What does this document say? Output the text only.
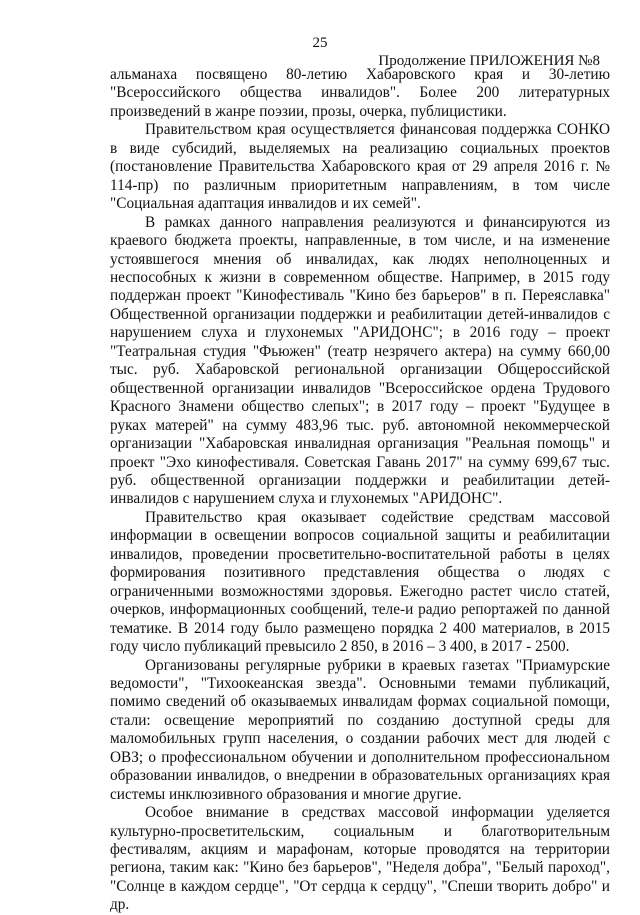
25
Продолжение ПРИЛОЖЕНИЯ №8

альманаха посвящено 80-летию Хабаровского края и 30-летию "Всероссийского общества инвалидов". Более 200 литературных произведений в жанре поэзии, прозы, очерка, публицистики.

Правительством края осуществляется финансовая поддержка СОНКО в виде субсидий, выделяемых на реализацию социальных проектов (постановление Правительства Хабаровского края от 29 апреля 2016 г. № 114-пр) по различным приоритетным направлениям, в том числе "Социальная адаптация инвалидов и их семей".

В рамках данного направления реализуются и финансируются из краевого бюджета проекты, направленные, в том числе, и на изменение устоявшегося мнения об инвалидах, как людях неполноценных и неспособных к жизни в современном обществе. Например, в 2015 году поддержан проект "Кинофестиваль "Кино без барьеров" в п. Переяславка" Общественной организации поддержки и реабилитации детей-инвалидов с нарушением слуха и глухонемых "АРИДОНС"; в 2016 году – проект "Театральная студия "Фьюжен" (театр незрячего актера) на сумму 660,00 тыс. руб. Хабаровской региональной организации Общероссийской общественной организации инвалидов "Всероссийское ордена Трудового Красного Знамени общество слепых"; в 2017 году – проект "Будущее в руках матерей" на сумму 483,96 тыс. руб. автономной некоммерческой организации "Хабаровская инвалидная организация "Реальная помощь" и проект "Эхо кинофестиваля. Советская Гавань 2017" на сумму 699,67 тыс. руб. общественной организации поддержки и реабилитации детей-инвалидов с нарушением слуха и глухонемых "АРИДОНС".

Правительство края оказывает содействие средствам массовой информации в освещении вопросов социальной защиты и реабилитации инвалидов, проведении просветительно-воспитательной работы в целях формирования позитивного представления общества о людях с ограниченными возможностями здоровья. Ежегодно растет число статей, очерков, информационных сообщений, теле-и радио репортажей по данной тематике. В 2014 году было размещено порядка 2 400 материалов, в 2015 году число публикаций превысило 2 850, в 2016 – 3 400, в 2017 - 2500.

Организованы регулярные рубрики в краевых газетах "Приамурские ведомости", "Тихоокеанская звезда". Основными темами публикаций, помимо сведений об оказываемых инвалидам формах социальной помощи, стали: освещение мероприятий по созданию доступной среды для маломобильных групп населения, о создании рабочих мест для людей с ОВЗ; о профессиональном обучении и дополнительном профессиональном образовании инвалидов, о внедрении в образовательных организациях края системы инклюзивного образования и многие другие.

Особое внимание в средствах массовой информации уделяется культурно-просветительским, социальным и благотворительным фестивалям, акциям и марафонам, которые проводятся на территории региона, таким как: "Кино без барьеров", "Неделя добра", "Белый пароход", "Солнце в каждом сердце", "От сердца к сердцу", "Спеши творить добро" и др.
